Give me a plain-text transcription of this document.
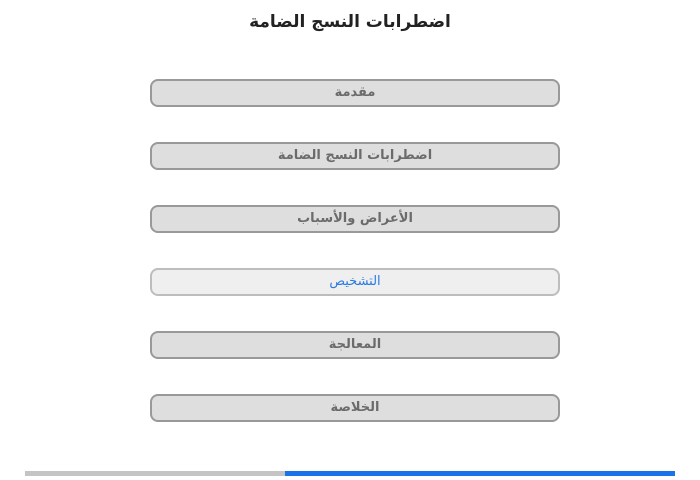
اضطرابات النسج الضامة
مقدمة
اضطرابات النسج الضامة
الأعراض والأسباب
التشخيص
المعالجة
الخلاصة
